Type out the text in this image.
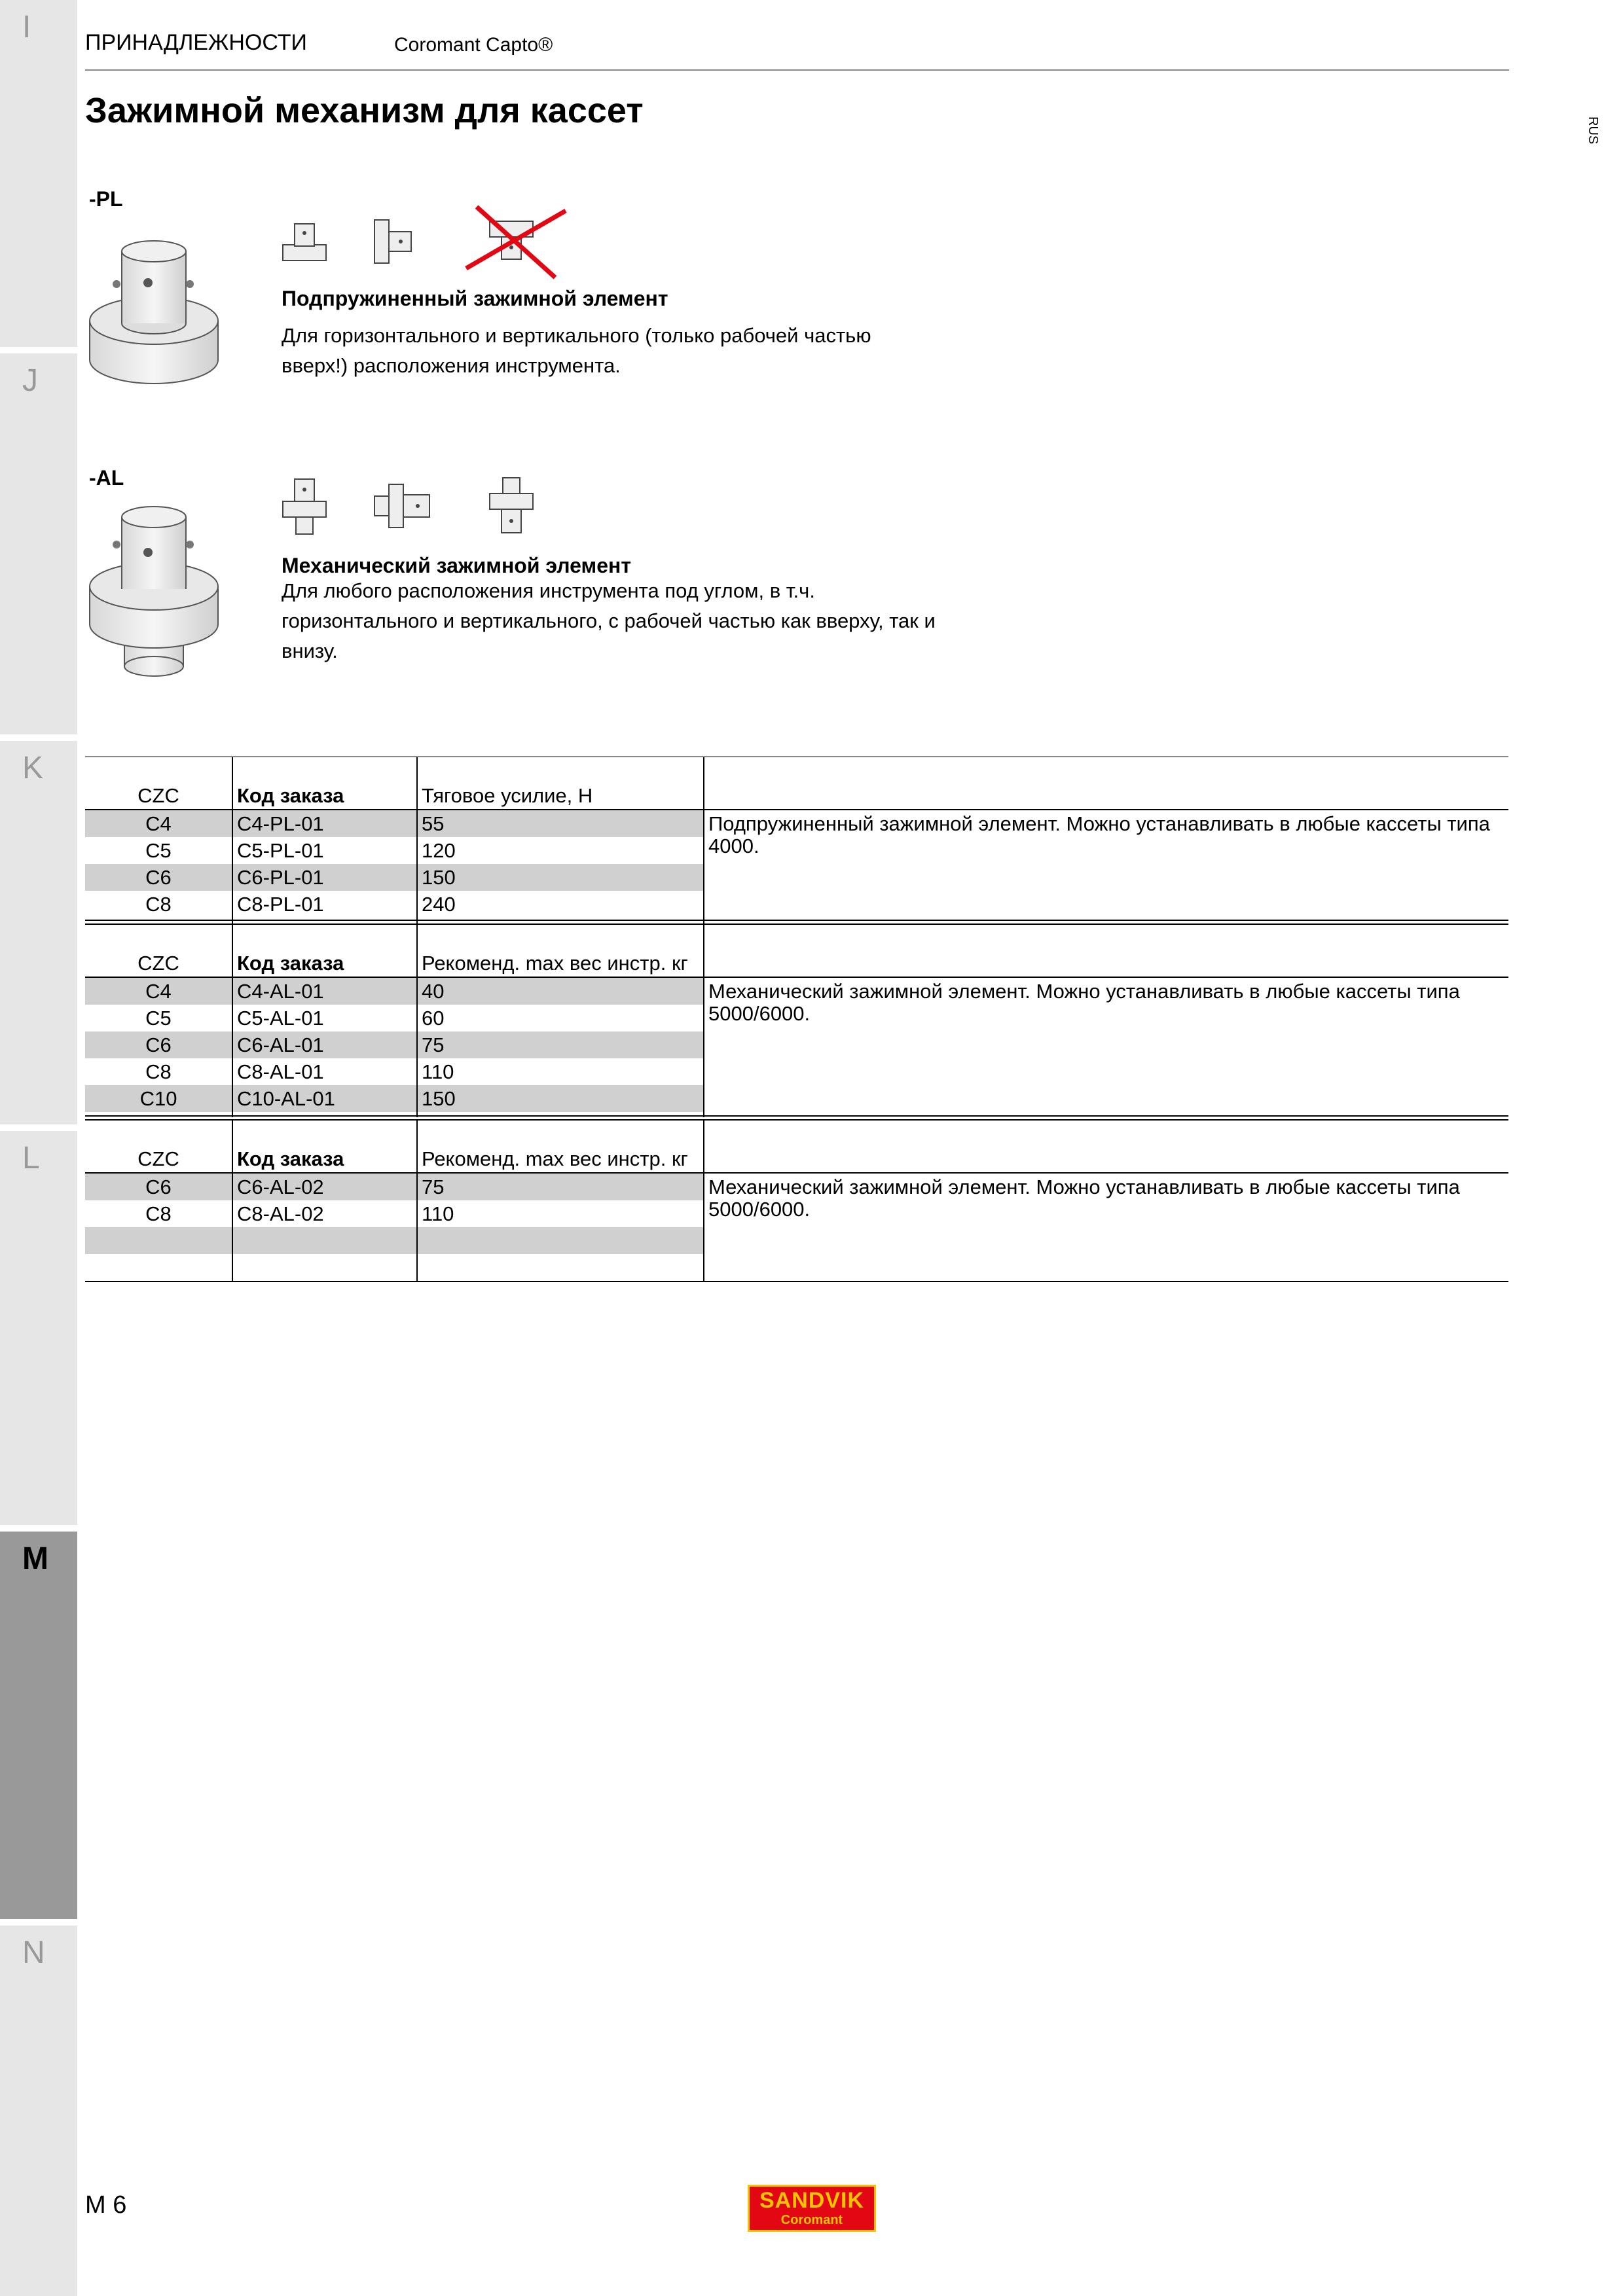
I
J
K
L
M
N
ПРИНАДЛЕЖНОСТИ	Coromant Capto®
RUS
Зажимной механизм для кассет
-PL
Подпружиненный зажимной элемент
Для горизонтального и вертикального (только рабочей частью
вверх!) расположения инструмента.
-AL
Механический зажимной элемент
Для любого расположения инструмента под углом, в т.ч.
горизонтального и вертикального, с рабочей частью как вверху, так и
внизу.

CZC	Код заказа	Тяговое усилие, Н	
C4	C4-PL-01	55	Подпружиненный зажимной элемент. Можно устанавливать в любые кассеты типа 4000.
C5	C5-PL-01	120	
C6	C6-PL-01	150	
C8	C8-PL-01	240	

CZC	Код заказа	Рекоменд. max вес инстр. кг	
C4	C4-AL-01	40	Механический зажимной элемент. Можно устанавливать в любые кассеты типа 5000/6000.
C5	C5-AL-01	60	
C6	C6-AL-01	75	
C8	C8-AL-01	110	
C10	C10-AL-01	150	

CZC	Код заказа	Рекоменд. max вес инстр. кг	
C6	C6-AL-02	75	Механический зажимной элемент. Можно устанавливать в любые кассеты типа 5000/6000.
C8	C8-AL-02	110	

M 6	SANDVIK
Coromant
